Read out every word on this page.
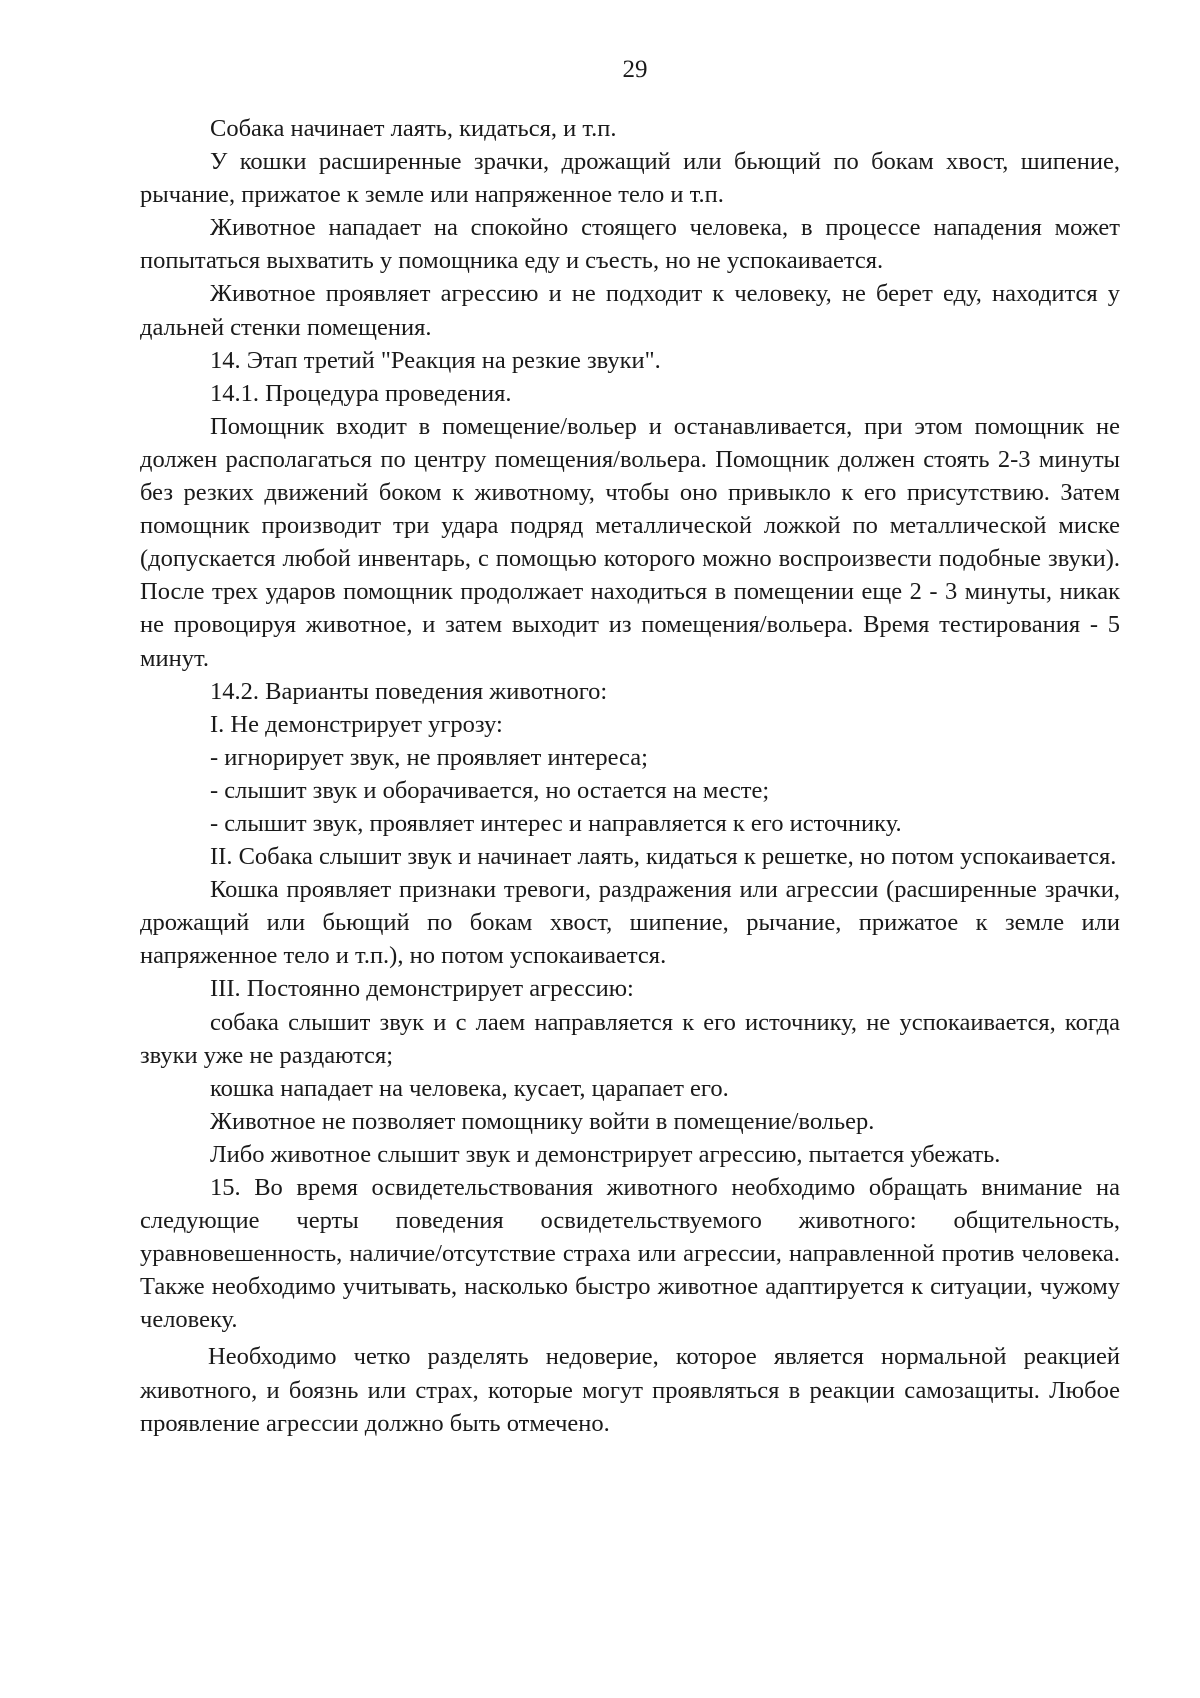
29

Собака начинает лаять, кидаться, и т.п.

У кошки расширенные зрачки, дрожащий или бьющий по бокам хвост, шипение, рычание, прижатое к земле или напряженное тело и т.п.

Животное нападает на спокойно стоящего человека, в процессе нападения может попытаться выхватить у помощника еду и съесть, но не успокаивается.

Животное проявляет агрессию и не подходит к человеку, не берет еду, находится у дальней стенки помещения.

14. Этап третий "Реакция на резкие звуки".

14.1. Процедура проведения.

Помощник входит в помещение/вольер и останавливается, при этом помощник не должен располагаться по центру помещения/вольера. Помощник должен стоять 2-3 минуты без резких движений боком к животному, чтобы оно привыкло к его присутствию. Затем помощник производит три удара подряд металлической ложкой по металлической миске (допускается любой инвентарь, с помощью которого можно воспроизвести подобные звуки). После трех ударов помощник продолжает находиться в помещении еще 2 - 3 минуты, никак не провоцируя животное, и затем выходит из помещения/вольера. Время тестирования - 5 минут.

14.2. Варианты поведения животного:

I. Не демонстрирует угрозу:

- игнорирует звук, не проявляет интереса;

- слышит звук и оборачивается, но остается на месте;

- слышит звук, проявляет интерес и направляется к его источнику.

II. Собака слышит звук и начинает лаять, кидаться к решетке, но потом успокаивается.

Кошка проявляет признаки тревоги, раздражения или агрессии (расширенные зрачки, дрожащий или бьющий по бокам хвост, шипение, рычание, прижатое к земле или напряженное тело и т.п.), но потом успокаивается.

III. Постоянно демонстрирует агрессию:

собака слышит звук и с лаем направляется к его источнику, не успокаивается, когда звуки уже не раздаются;

кошка нападает на человека, кусает, царапает его.

Животное не позволяет помощнику войти в помещение/вольер.

Либо животное слышит звук и демонстрирует агрессию, пытается убежать.

15. Во время освидетельствования животного необходимо обращать внимание на следующие черты поведения освидетельствуемого животного: общительность, уравновешенность, наличие/отсутствие страха или агрессии, направленной против человека. Также необходимо учитывать, насколько быстро животное адаптируется к ситуации, чужому человеку.

Необходимо четко разделять недоверие, которое является нормальной реакцией животного, и боязнь или страх, которые могут проявляться в реакции самозащиты. Любое проявление агрессии должно быть отмечено.
